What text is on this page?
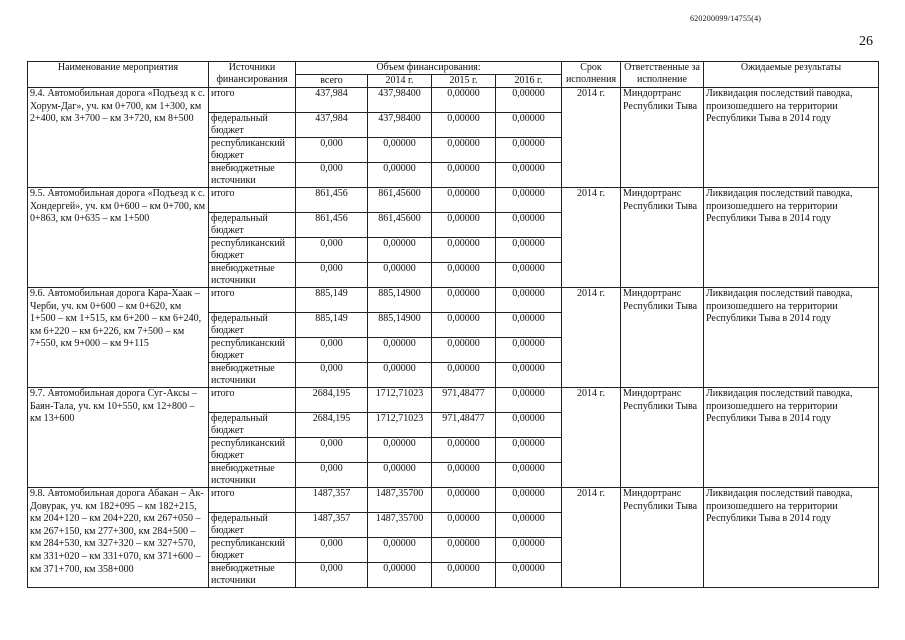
620200099/14755(4)
26
Наименование мероприятия	Источники финансирования	Объем финансирования:				Срок исполнения	Ответственные за исполнение	Ожидаемые результаты
		всего	2014 г.	2015 г.	2016 г.			
9.4. Автомобильная дорога «Подъезд к с. Хорум-Даг», уч. км 0+700, км 1+300, км 2+400, км 3+700 – км 3+720, км 8+500	итого	437,984	437,98400	0,00000	0,00000	2014 г.	Миндортранс Республики Тыва	Ликвидация последствий паводка, произошедшего на территории Республики Тыва в 2014 году
	федеральный бюджет	437,984	437,98400	0,00000	0,00000			
	республиканский бюджет	0,000	0,00000	0,00000	0,00000			
	внебюджетные источники	0,000	0,00000	0,00000	0,00000			
9.5. Автомобильная дорога «Подъезд к с. Хондергей», уч. км 0+600 – км 0+700, км 0+863, км 0+635 – км 1+500	итого	861,456	861,45600	0,00000	0,00000	2014 г.	Миндортранс Республики Тыва	Ликвидация последствий паводка, произошедшего на территории Республики Тыва в 2014 году
	федеральный бюджет	861,456	861,45600	0,00000	0,00000			
	республиканский бюджет	0,000	0,00000	0,00000	0,00000			
	внебюджетные источники	0,000	0,00000	0,00000	0,00000			
9.6. Автомобильная дорога Кара-Хаак – Черби, уч. км 0+600 – км 0+620, км 1+500 – км 1+515, км 6+200 – км 6+240, км 6+220 – км 6+226, км 7+500 – км 7+550, км 9+000 – км 9+115	итого	885,149	885,14900	0,00000	0,00000	2014 г.	Миндортранс Республики Тыва	Ликвидация последствий паводка, произошедшего на территории Республики Тыва в 2014 году
	федеральный бюджет	885,149	885,14900	0,00000	0,00000			
	республиканский бюджет	0,000	0,00000	0,00000	0,00000			
	внебюджетные источники	0,000	0,00000	0,00000	0,00000			
9.7. Автомобильная дорога Суг-Аксы – Баян-Тала, уч. км 10+550, км 12+800 – км 13+600	итого	2684,195	1712,71023	971,48477	0,00000	2014 г.	Миндортранс Республики Тыва	Ликвидация последствий паводка, произошедшего на территории Республики Тыва в 2014 году
	федеральный бюджет	2684,195	1712,71023	971,48477	0,00000			
	республиканский бюджет	0,000	0,00000	0,00000	0,00000			
	внебюджетные источники	0,000	0,00000	0,00000	0,00000			
9.8. Автомобильная дорога Абакан – Ак-Довурак, уч. км 182+095 – км 182+215, км 204+120 – км 204+220, км 267+050 – км 267+150, км 277+300, км 284+500 – км 284+530, км 327+320 – км 327+570, км 331+020 – км 331+070, км 371+600 – км 371+700, км 358+000	итого	1487,357	1487,35700	0,00000	0,00000	2014 г.	Миндортранс Республики Тыва	Ликвидация последствий паводка, произошедшего на территории Республики Тыва в 2014 году
	федеральный бюджет	1487,357	1487,35700	0,00000	0,00000			
	республиканский бюджет	0,000	0,00000	0,00000	0,00000			
	внебюджетные источники	0,000	0,00000	0,00000	0,00000			
